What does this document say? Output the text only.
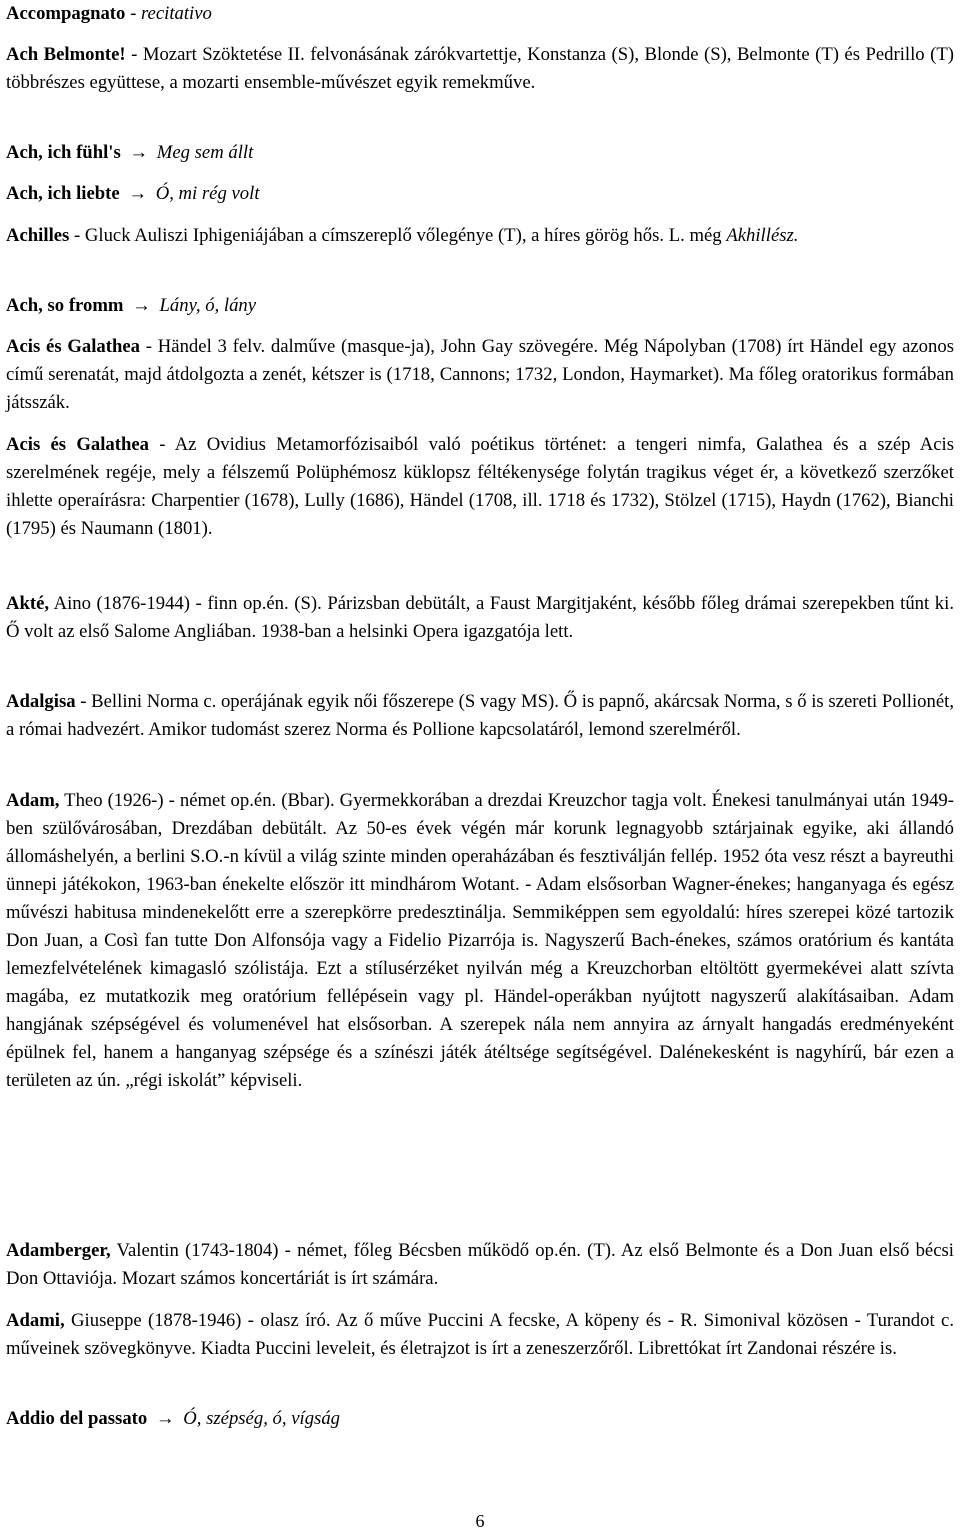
Accompagnato - recitativo

Ach Belmonte! - Mozart Szöktetése II. felvonásának zárókvartettje, Konstanza (S), Blonde (S), Belmonte (T) és Pedrillo (T) többrészes együttese, a mozarti ensemble-művészet egyik remekműve.

Ach, ich fühl's → Meg sem állt

Ach, ich liebte → Ó, mi rég volt

Achilles - Gluck Auliszi Iphigeniájában a címszereplő vőlegénye (T), a híres görög hős. L. még Akhillész.

Ach, so fromm → Lány, ó, lány

Acis és Galathea - Händel 3 felv. dalműve (masque-ja), John Gay szövegére. Még Nápolyban (1708) írt Händel egy azonos című serenatát, majd átdolgozta a zenét, kétszer is (1718, Cannons; 1732, London, Haymarket). Ma főleg oratorikus formában játsszák.

Acis és Galathea - Az Ovidius Metamorfózisaiból való poétikus történet: a tengeri nimfa, Galathea és a szép Acis szerelmének regéje, mely a félszemű Polüphémosz küklopsz féltékenysége folytán tragikus véget ér, a következő szerzőket ihlette operaírásra: Charpentier (1678), Lully (1686), Händel (1708, ill. 1718 és 1732), Stölzel (1715), Haydn (1762), Bianchi (1795) és Naumann (1801).

Akté, Aino (1876-1944) - finn op.én. (S). Párizsban debütált, a Faust Margitjaként, később főleg drámai szerepekben tűnt ki. Ő volt az első Salome Angliában. 1938-ban a helsinki Opera igazgatója lett.

Adalgisa - Bellini Norma c. operájának egyik női főszerepe (S vagy MS). Ő is papnő, akárcsak Norma, s ő is szereti Pollionét, a római hadvezért. Amikor tudomást szerez Norma és Pollione kapcsolatáról, lemond szerelméről.

Adam, Theo (1926-) - német op.én. (Bbar). Gyermekkorában a drezdai Kreuzchor tagja volt. Énekesi tanulmányai után 1949-ben szülővárosában, Drezdában debütált. Az 50-es évek végén már korunk legnagyobb sztárjainak egyike, aki állandó állomáshelyén, a berlini S.O.-n kívül a világ szinte minden operaházában és fesztiválján fellép. 1952 óta vesz részt a bayreuthi ünnepi játékokon, 1963-ban énekelte először itt mindhárom Wotant. - Adam elsősorban Wagner-énekes; hanganyaga és egész művészi habitusa mindenekelőtt erre a szerepkörre predesztinálja. Semmiképpen sem egyoldalú: híres szerepei közé tartozik Don Juan, a Così fan tutte Don Alfonsója vagy a Fidelio Pizarrója is. Nagyszerű Bach-énekes, számos oratórium és kantáta lemezfelvételének kimagasló szólistája. Ezt a stílusérzéket nyilván még a Kreuzchorban eltöltött gyermekévei alatt szívta magába, ez mutatkozik meg oratórium fellépésein vagy pl. Händel-operákban nyújtott nagyszerű alakításaiban. Adam hangjának szépségével és volumenével hat elsősorban. A szerepek nála nem annyira az árnyalt hangadás eredményeként épülnek fel, hanem a hanganyag szépsége és a színészi játék átéltsége segítségével. Dalénekesként is nagyhírű, bár ezen a területen az ún. „régi iskolát” képviseli.

Adamberger, Valentin (1743-1804) - német, főleg Bécsben működő op.én. (T). Az első Belmonte és a Don Juan első bécsi Don Ottaviója. Mozart számos koncertáriát is írt számára.

Adami, Giuseppe (1878-1946) - olasz író. Az ő műve Puccini A fecske, A köpeny és - R. Simonival közösen - Turandot c. műveinek szövegkönyve. Kiadta Puccini leveleit, és életrajzot is írt a zeneszerzőről. Librettókat írt Zandonai részére is.

Addio del passato → Ó, szépség, ó, vígság

6
